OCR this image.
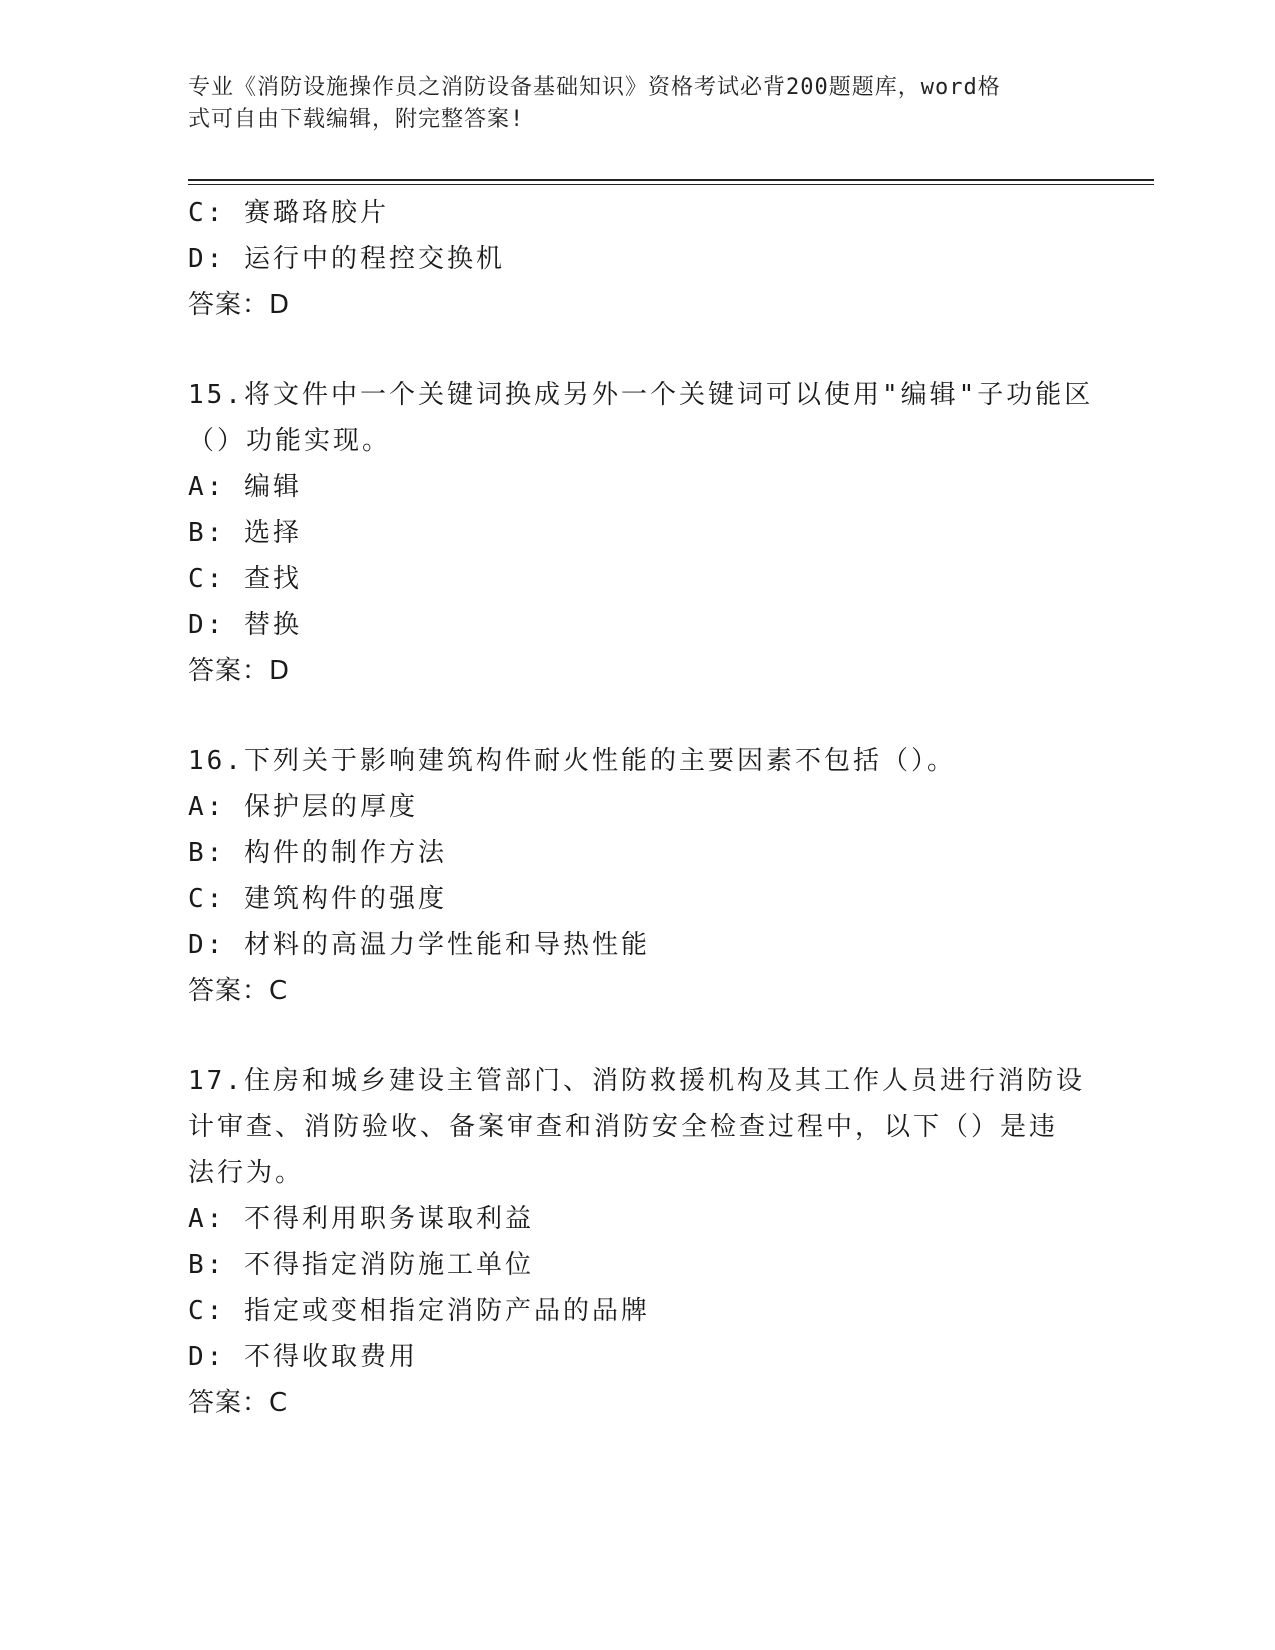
专业《消防设施操作员之消防设备基础知识》资格考试必背200题题库，word格
式可自由下载编辑，附完整答案!
C: 赛璐珞胶片
D: 运行中的程控交换机
答案：D
15.将文件中一个关键词换成另外一个关键词可以使用"编辑"子功能区
（）功能实现。
A: 编辑
B: 选择
C: 查找
D: 替换
答案：D
16.下列关于影响建筑构件耐火性能的主要因素不包括（）。
A: 保护层的厚度
B: 构件的制作方法
C: 建筑构件的强度
D: 材料的高温力学性能和导热性能
答案：C
17.住房和城乡建设主管部门、消防救援机构及其工作人员进行消防设
计审查、消防验收、备案审查和消防安全检查过程中，以下（）是违
法行为。
A: 不得利用职务谋取利益
B: 不得指定消防施工单位
C: 指定或变相指定消防产品的品牌
D: 不得收取费用
答案：C
